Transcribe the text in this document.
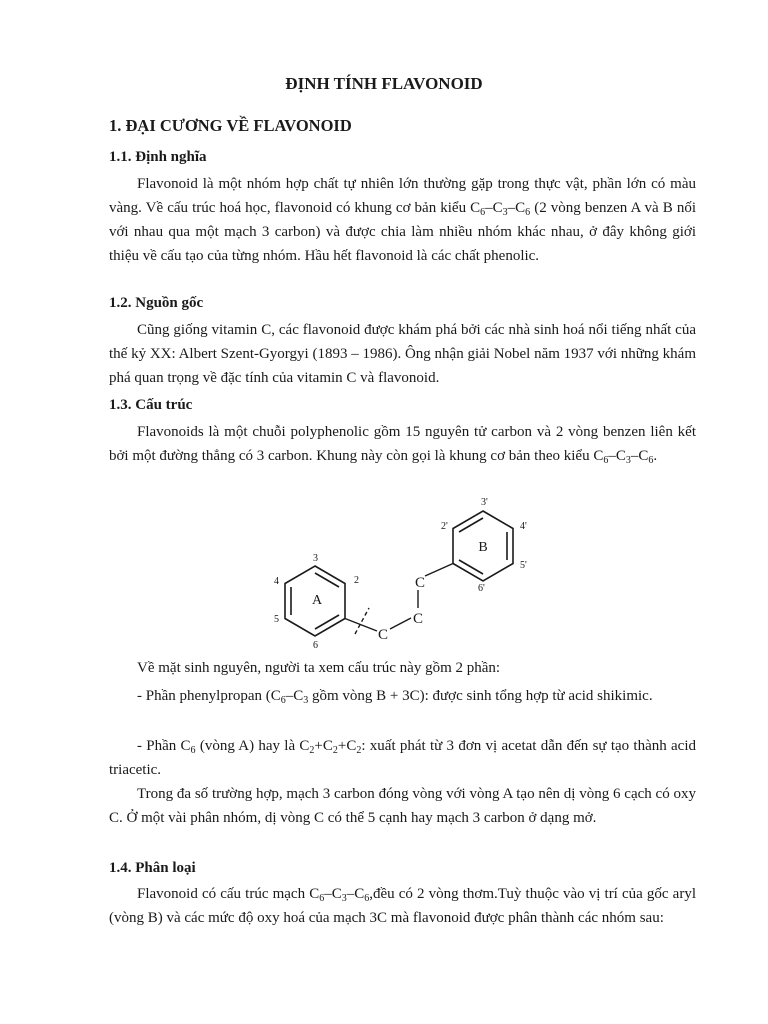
ĐỊNH TÍNH FLAVONOID
1. ĐẠI CƯƠNG VỀ FLAVONOID
1.1. Định nghĩa

Flavonoid là một nhóm hợp chất tự nhiên lớn thường gặp trong thực vật, phần lớn có màu vàng. Về cấu trúc hoá học, flavonoid có khung cơ bản kiểu $C_6-C_3-C_6$ (2 vòng benzen A và B nối với nhau qua một mạch 3 carbon) và được chia làm nhiều nhóm khác nhau, ở đây không giới thiệu về cấu tạo của từng nhóm. Hầu hết flavonoid là các chất phenolic.

1.2. Nguồn gốc

Cũng giống vitamin C, các flavonoid được khám phá bởi các nhà sinh hoá nổi tiếng nhất của thế kỷ XX: Albert Szent-Gyorgyi (1893 – 1986). Ông nhận giải Nobel năm 1937 với những khám phá quan trọng về đặc tính của vitamin C và flavonoid.

1.3. Cấu trúc

Flavonoids là một chuỗi polyphenolic gồm 15 nguyên tử carbon và 2 vòng benzen liên kết bởi một đường thẳng có 3 carbon. Khung này còn gọi là khung cơ bản theo kiểu $C_6-C_3-C_6$.

A
B
C
C
C
2
3
4
5
6
2'
3'
4'
5'
6'

Về mặt sinh nguyên, người ta xem cấu trúc này gồm 2 phần:

- Phần phenylpropan ($C_6-C_3$ gồm vòng B + 3C): được sinh tổng hợp từ acid shikimic.

- Phần $C_6$ (vòng A) hay là $C_2+C_2+C_2$: xuất phát từ 3 đơn vị acetat dẫn đến sự tạo thành acid triacetic.

Trong đa số trường hợp, mạch 3 carbon đóng vòng với vòng A tạo nên dị vòng 6 cạch có oxy C. Ở một vài phân nhóm, dị vòng C có thể 5 cạnh hay mạch 3 carbon ở dạng mở.

1.4. Phân loại

Flavonoid có cấu trúc mạch $C_6-C_3-C_6,đều$ có 2 vòng thơm.Tuỳ thuộc vào vị trí của gốc aryl (vòng B) và các mức độ oxy hoá của mạch 3C mà flavonoid được phân thành các nhóm sau:
